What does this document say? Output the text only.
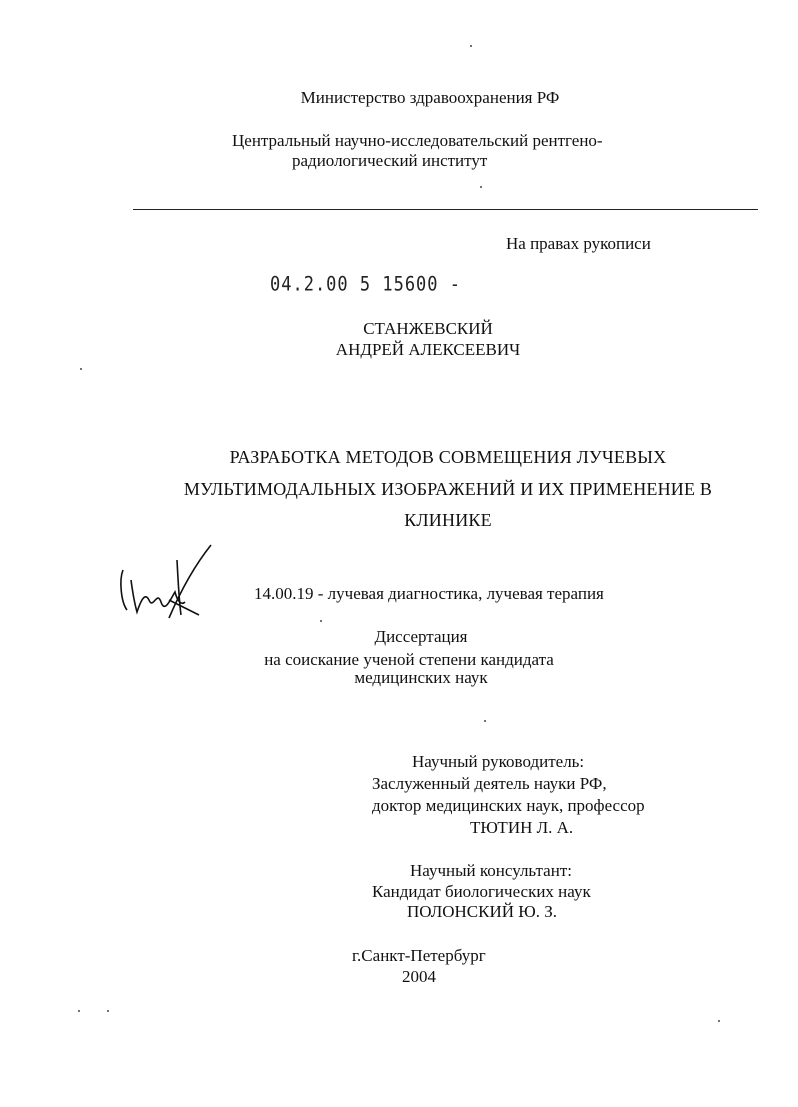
Министерство здравоохранения РФ
Центральный научно-исследовательский рентгено-
радиологический институт
На правах рукописи
04.2.00 5 15600 -
СТАНЖЕВСКИЙ
АНДРЕЙ АЛЕКСЕЕВИЧ
РАЗРАБОТКА МЕТОДОВ СОВМЕЩЕНИЯ ЛУЧЕВЫХ
МУЛЬТИМОДАЛЬНЫХ ИЗОБРАЖЕНИЙ И ИХ ПРИМЕНЕНИЕ В
КЛИНИКЕ
14.00.19 - лучевая диагностика, лучевая терапия
Диссертация
на соискание ученой степени кандидата
медицинских наук
Научный руководитель:
Заслуженный деятель науки РФ,
доктор медицинских наук, профессор
ТЮТИН Л. А.
Научный консультант:
Кандидат биологических наук
ПОЛОНСКИЙ Ю. З.
г.Санкт-Петербург
2004
